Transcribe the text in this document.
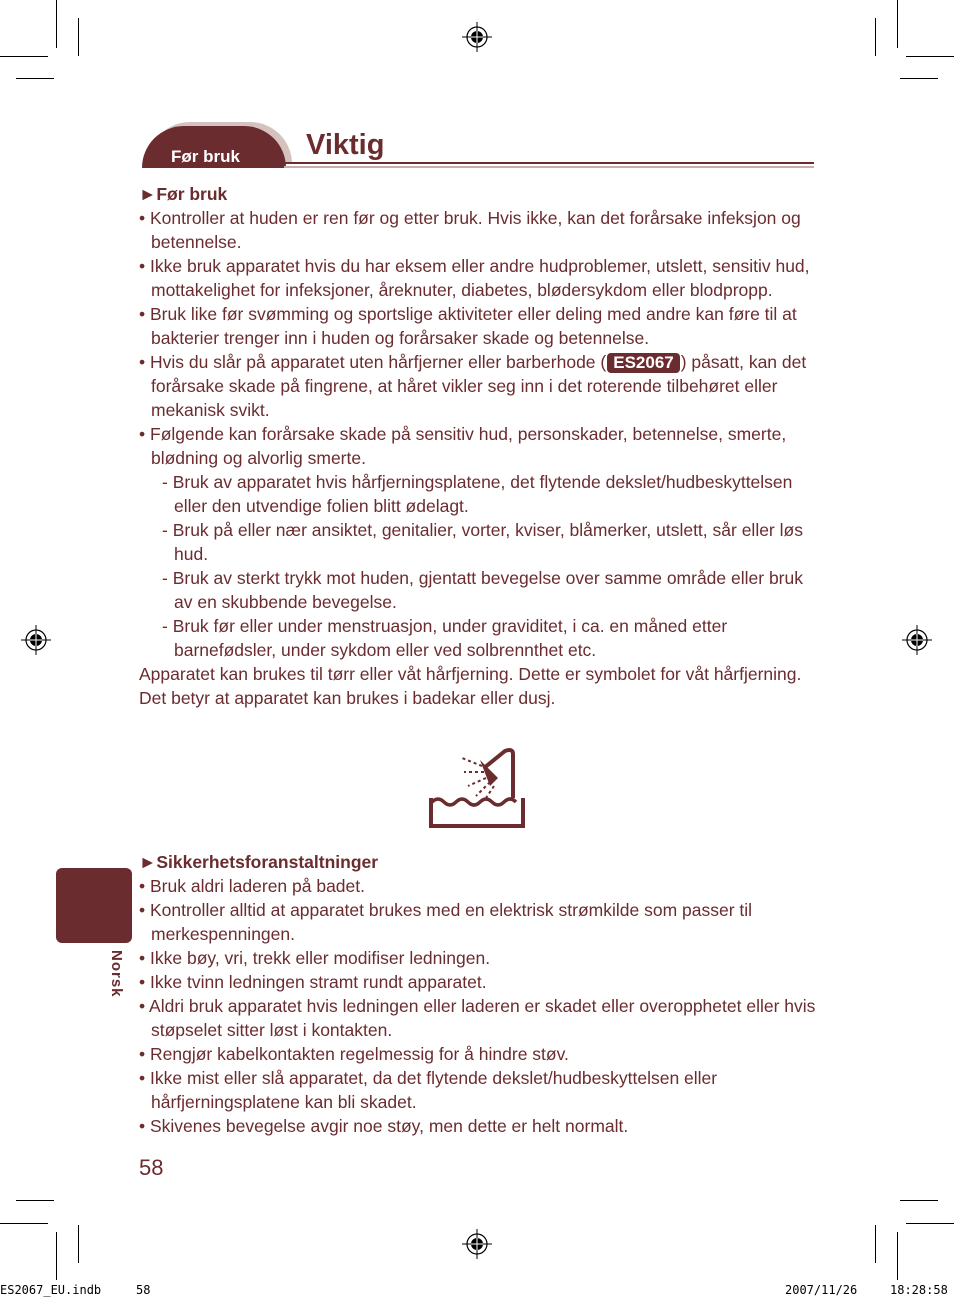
Før bruk Viktig
►Før bruk
• Kontroller at huden er ren før og etter bruk. Hvis ikke, kan det forårsake infeksjon og betennelse.
• Ikke bruk apparatet hvis du har eksem eller andre hudproblemer, utslett, sensitiv hud, mottakelighet for infeksjoner, åreknuter, diabetes, blødersykdom eller blodpropp.
• Bruk like før svømming og sportslige aktiviteter eller deling med andre kan føre til at bakterier trenger inn i huden og forårsaker skade og betennelse.
• Hvis du slår på apparatet uten hårfjerner eller barberhode ( ES2067 ) påsatt, kan det forårsake skade på fingrene, at håret vikler seg inn i det roterende tilbehøret eller mekanisk svikt.
• Følgende kan forårsake skade på sensitiv hud, personskader, betennelse, smerte, blødning og alvorlig smerte.
- Bruk av apparatet hvis hårfjerningsplatene, det flytende dekslet/hudbeskyttelsen eller den utvendige folien blitt ødelagt.
- Bruk på eller nær ansiktet, genitalier, vorter, kviser, blåmerker, utslett, sår eller løs hud.
- Bruk av sterkt trykk mot huden, gjentatt bevegelse over samme område eller bruk av en skubbende bevegelse.
- Bruk før eller under menstruasjon, under graviditet, i ca. en måned etter barnefødsler, under sykdom eller ved solbrennthet etc.

Apparatet kan brukes til tørr eller våt hårfjerning. Dette er symbolet for våt hårfjerning. Det betyr at apparatet kan brukes i badekar eller dusj.

►Sikkerhetsforanstaltninger
• Bruk aldri laderen på badet.
• Kontroller alltid at apparatet brukes med en elektrisk strømkilde som passer til merkespenningen.
• Ikke bøy, vri, trekk eller modifiser ledningen.
• Ikke tvinn ledningen stramt rundt apparatet.
• Aldri bruk apparatet hvis ledningen eller laderen er skadet eller overopphetet eller hvis støpselet sitter løst i kontakten.
• Rengjør kabelkontakten regelmessig for å hindre støv.
• Ikke mist eller slå apparatet, da det flytende dekslet/hudbeskyttelsen eller hårfjerningsplatene kan bli skadet.
• Skivenes bevegelse avgir noe støy, men dette er helt normalt.
Norsk
58
ES2067_EU.indb	58	2007/11/26	18:28:58
